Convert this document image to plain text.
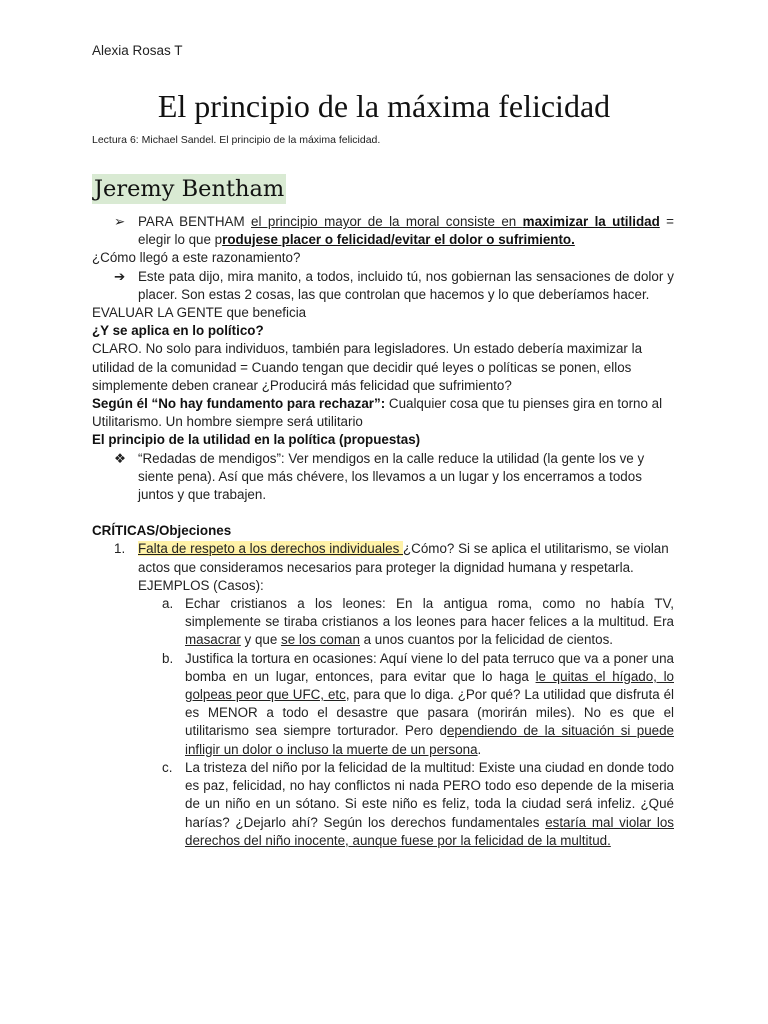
Alexia Rosas T
El principio de la máxima felicidad
Lectura 6: Michael Sandel. El principio de la máxima felicidad.
Jeremy Bentham

➢ PARA BENTHAM el principio mayor de la moral consiste en maximizar la utilidad = elegir lo que produjese placer o felicidad/evitar el dolor o sufrimiento.

¿Cómo llegó a este razonamiento?

➔ Este pata dijo, mira manito, a todos, incluido tú, nos gobiernan las sensaciones de dolor y placer. Son estas 2 cosas, las que controlan que hacemos y lo que deberíamos hacer.

EVALUAR LA GENTE que beneficia

¿Y se aplica en lo político?

CLARO. No solo para individuos, también para legisladores. Un estado debería maximizar la utilidad de la comunidad = Cuando tengan que decidir qué leyes o políticas se ponen, ellos simplemente deben cranear ¿Producirá más felicidad que sufrimiento?

Según él “No hay fundamento para rechazar”: Cualquier cosa que tu pienses gira en torno al Utilitarismo. Un hombre siempre será utilitario

El principio de la utilidad en la política (propuestas)

❖ “Redadas de mendigos”: Ver mendigos en la calle reduce la utilidad (la gente los ve y siente pena). Así que más chévere, los llevamos a un lugar y los encerramos a todos juntos y que trabajen.

CRÍTICAS/Objeciones

1. Falta de respeto a los derechos individuales ¿Cómo? Si se aplica el utilitarismo, se violan actos que consideramos necesarios para proteger la dignidad humana y respetarla. EJEMPLOS (Casos):

a. Echar cristianos a los leones: En la antigua roma, como no había TV, simplemente se tiraba cristianos a los leones para hacer felices a la multitud. Era masacrar y que se los coman a unos cuantos por la felicidad de cientos.

b. Justifica la tortura en ocasiones: Aquí viene lo del pata terruco que va a poner una bomba en un lugar, entonces, para evitar que lo haga le quitas el hígado, lo golpeas peor que UFC, etc, para que lo diga. ¿Por qué? La utilidad que disfruta él es MENOR a todo el desastre que pasara (morirán miles). No es que el utilitarismo sea siempre torturador. Pero dependiendo de la situación si puede infligir un dolor o incluso la muerte de un persona.

c. La tristeza del niño por la felicidad de la multitud: Existe una ciudad en donde todo es paz, felicidad, no hay conflictos ni nada PERO todo eso depende de la miseria de un niño en un sótano. Si este niño es feliz, toda la ciudad será infeliz. ¿Qué harías? ¿Dejarlo ahí? Según los derechos fundamentales estaría mal violar los derechos del niño inocente, aunque fuese por la felicidad de la multitud.
